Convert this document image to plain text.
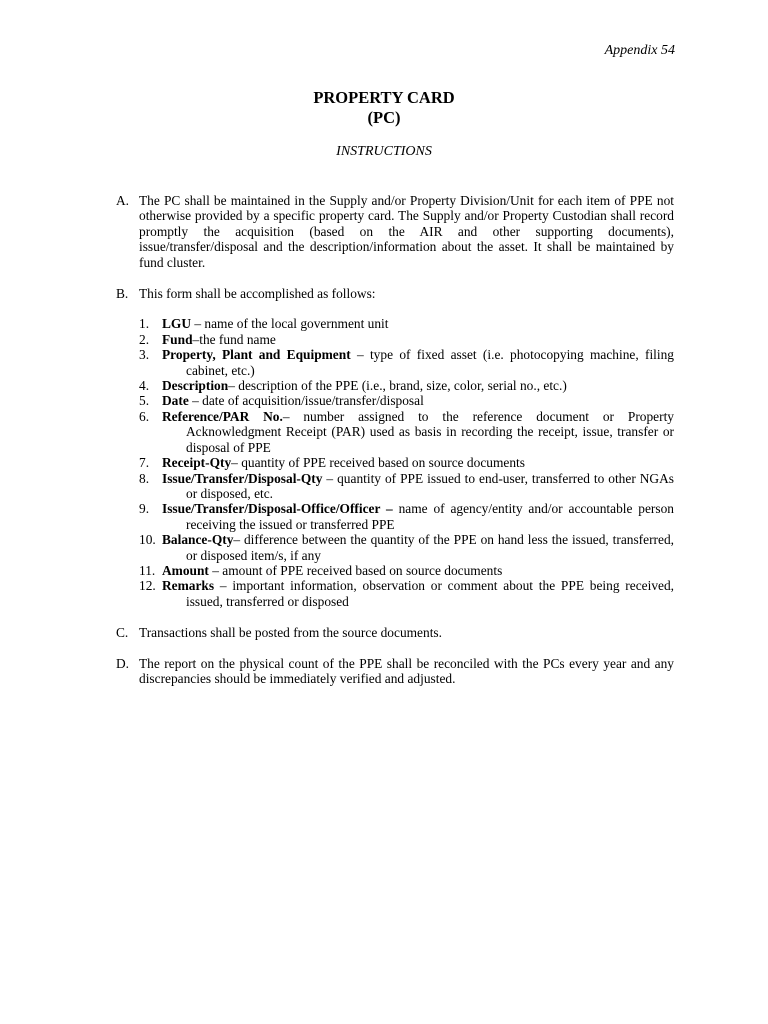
Appendix 54
PROPERTY CARD
(PC)
INSTRUCTIONS
A. The PC shall be maintained in the Supply and/or Property Division/Unit for each item of PPE not otherwise provided by a specific property card. The Supply and/or Property Custodian shall record promptly the acquisition (based on the AIR and other supporting documents), issue/transfer/disposal and the description/information about the asset. It shall be maintained by fund cluster.
B. This form shall be accomplished as follows:
1. LGU – name of the local government unit
2. Fund–the fund name
3. Property, Plant and Equipment – type of fixed asset (i.e. photocopying machine, filing cabinet, etc.)
4. Description– description of the PPE (i.e., brand, size, color, serial no., etc.)
5. Date – date of acquisition/issue/transfer/disposal
6. Reference/PAR No.– number assigned to the reference document or Property Acknowledgment Receipt (PAR) used as basis in recording the receipt, issue, transfer or disposal of PPE
7. Receipt-Qty– quantity of PPE received based on source documents
8. Issue/Transfer/Disposal-Qty – quantity of PPE issued to end-user, transferred to other NGAs or disposed, etc.
9. Issue/Transfer/Disposal-Office/Officer – name of agency/entity and/or accountable person receiving the issued or transferred PPE
10. Balance-Qty– difference between the quantity of the PPE on hand less the issued, transferred, or disposed item/s, if any
11. Amount – amount of PPE received based on source documents
12. Remarks – important information, observation or comment about the PPE being received, issued, transferred or disposed
C. Transactions shall be posted from the source documents.
D. The report on the physical count of the PPE shall be reconciled with the PCs every year and any discrepancies should be immediately verified and adjusted.
